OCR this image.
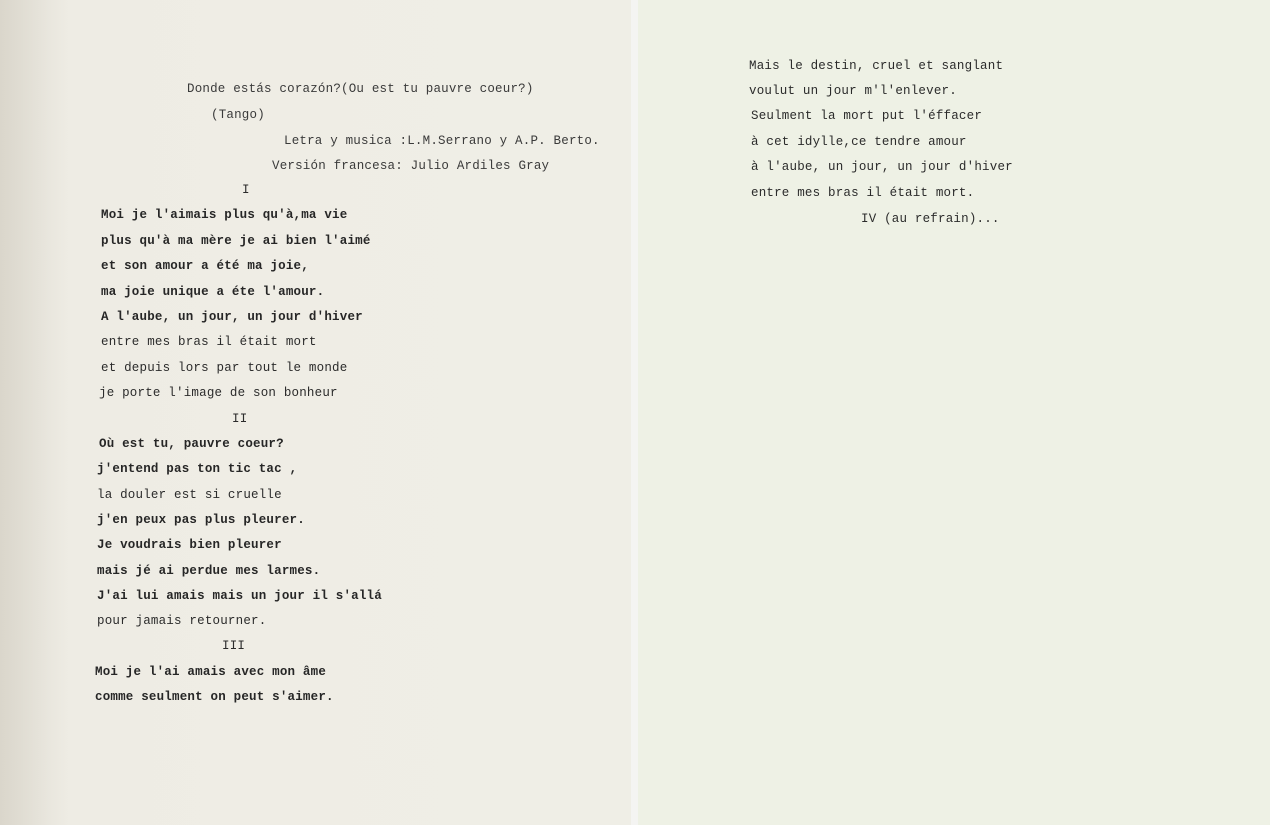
Donde estás corazón?(Ou est tu pauvre coeur?)
(Tango)
Letra y musica :L.M.Serrano y A.P. Berto.
Versión francesa: Julio Ardiles Gray
I
Moi je l'aimais plus qu'à,ma vie
plus qu'à ma mère je ai bien l'aimé
et son amour a été ma joie,
ma joie unique a éte l'amour.
A l'aube, un jour, un jour d'hiver
entre mes bras il était mort
et depuis lors par tout le monde
je porte l'image de son bonheur
II
Où est tu, pauvre coeur?
j'entend pas ton tic tac ,
la douler est si cruelle
j'en peux pas plus pleurer.
Je voudrais bien pleurer
mais jé ai perdue mes larmes.
J'ai lui amais mais un jour il s'allá
pour jamais retourner.
III
Moi je l'ai amais avec mon âme
comme seulment on peut s'aimer.
Mais le destin, cruel et sanglant
voulut un jour m'l'enlever.
Seulment la mort put l'éffacer
à cet idylle,ce tendre amour
à l'aube, un jour, un jour d'hiver
entre mes bras il était mort.
IV (au refrain)...
